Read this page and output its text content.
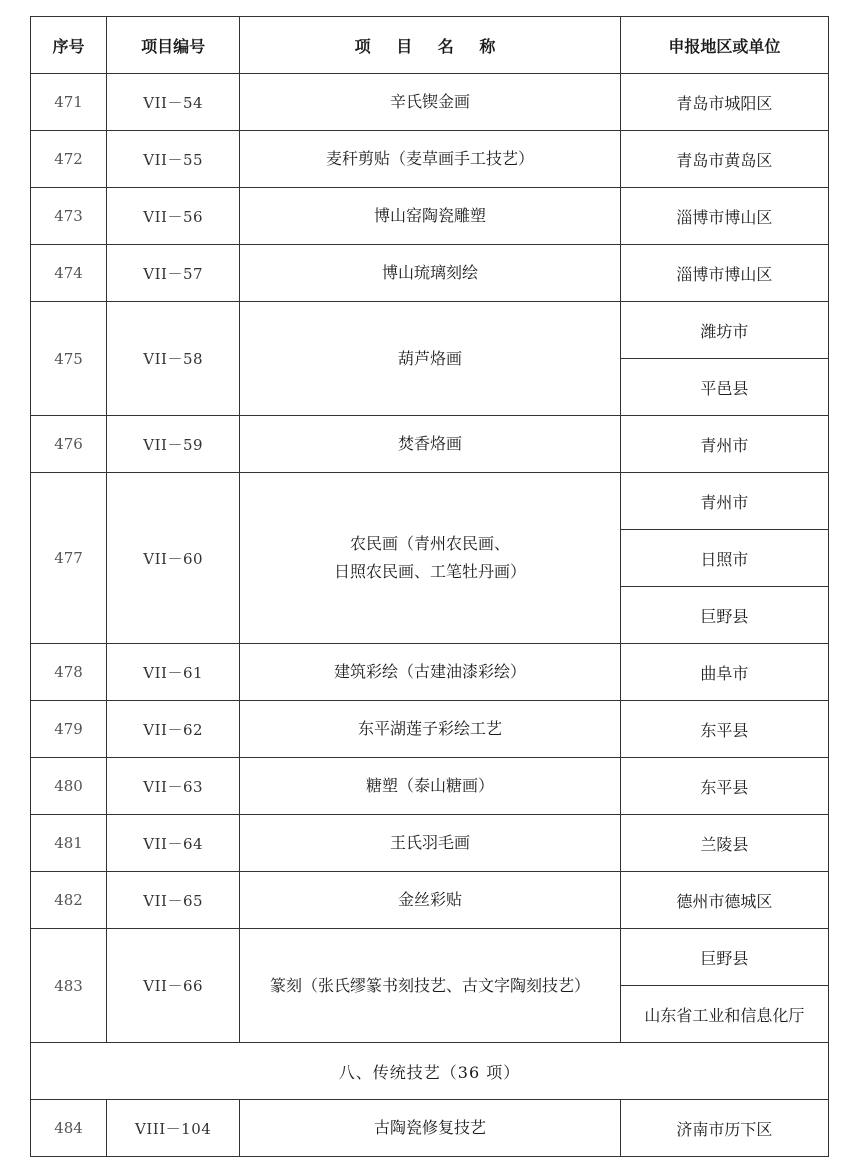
序号	项目编号	项 目 名 称	申报地区或单位
471	VII－54	辛氏锲金画	青岛市城阳区
472	VII－55	麦秆剪贴（麦草画手工技艺）	青岛市黄岛区
473	VII－56	博山窑陶瓷雕塑	淄博市博山区
474	VII－57	博山琉璃刻绘	淄博市博山区
475	VII－58	葫芦烙画	潍坊市
			平邑县
476	VII－59	焚香烙画	青州市
477	VII－60	农民画（青州农民画、
日照农民画、工笔牡丹画）	青州市
			日照市
			巨野县
478	VII－61	建筑彩绘（古建油漆彩绘）	曲阜市
479	VII－62	东平湖莲子彩绘工艺	东平县
480	VII－63	糖塑（泰山糖画）	东平县
481	VII－64	王氏羽毛画	兰陵县
482	VII－65	金丝彩贴	德州市德城区
483	VII－66	篆刻（张氏缪篆书刻技艺、古文字陶刻技艺）	巨野县
			山东省工业和信息化厅
八、传统技艺（36 项）			
484	VIII－104	古陶瓷修复技艺	济南市历下区
